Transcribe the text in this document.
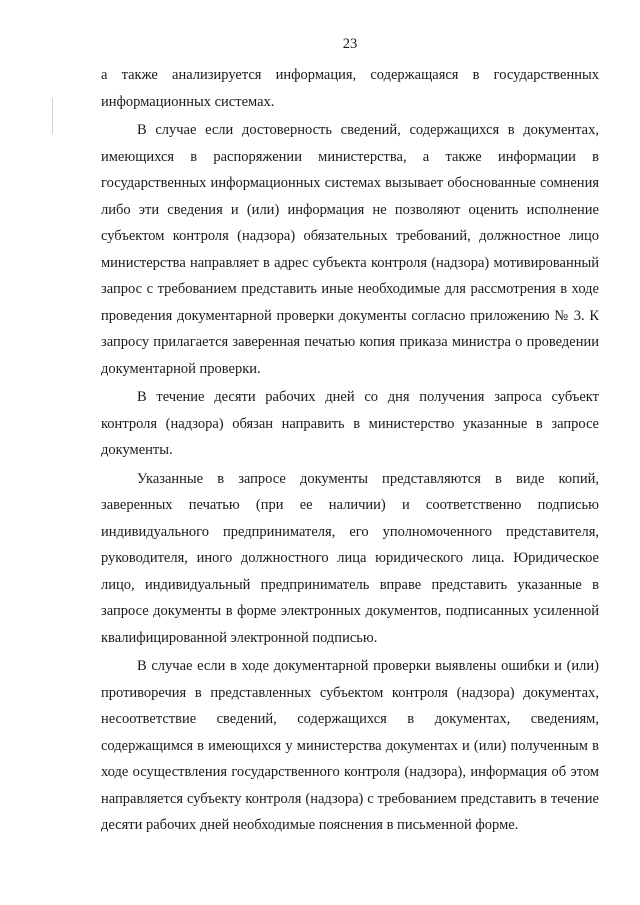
23

а также анализируется информация, содержащаяся в государственных информационных системах.

В случае если достоверность сведений, содержащихся в документах, имеющихся в распоряжении министерства, а также информации в государственных информационных системах вызывает обоснованные сомнения либо эти сведения и (или) информация не позволяют оценить исполнение субъектом контроля (надзора) обязательных требований, должностное лицо министерства направляет в адрес субъекта контроля (надзора) мотивированный запрос с требованием представить иные необходимые для рассмотрения в ходе проведения документарной проверки документы согласно приложению № 3. К запросу прилагается заверенная печатью копия приказа министра о проведении документарной проверки.

В течение десяти рабочих дней со дня получения запроса субъект контроля (надзора) обязан направить в министерство указанные в запросе документы.

Указанные в запросе документы представляются в виде копий, заверенных печатью (при ее наличии) и соответственно подписью индивидуального предпринимателя, его уполномоченного представителя, руководителя, иного должностного лица юридического лица. Юридическое лицо, индивидуальный предприниматель вправе представить указанные в запросе документы в форме электронных документов, подписанных усиленной квалифицированной электронной подписью.

В случае если в ходе документарной проверки выявлены ошибки и (или) противоречия в представленных субъектом контроля (надзора) документах, несоответствие сведений, содержащихся в документах, сведениям, содержащимся в имеющихся у министерства документах и (или) полученным в ходе осуществления государственного контроля (надзора), информация об этом направляется субъекту контроля (надзора) с требованием представить в течение десяти рабочих дней необходимые пояснения в письменной форме.
